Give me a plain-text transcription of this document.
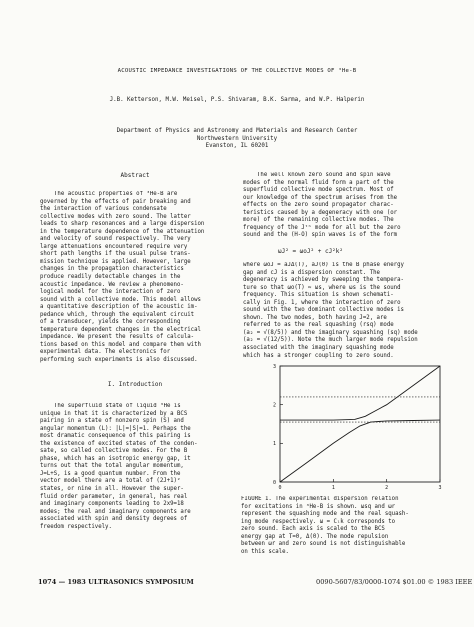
ACOUSTIC IMPEDANCE INVESTIGATIONS OF THE COLLECTIVE MODES OF ³He-B
J.B. Ketterson, M.W. Meisel, P.S. Shivaram, B.K. Sarma, and W.P. Halperin
Department of Physics and Astronomy and Materials and Research Center
Northwestern University
Evanston, IL 60201
Abstract
The acoustic properties of ³He-B are
governed by the effects of pair breaking and
the interaction of various condensate
collective modes with zero sound. The latter
leads to sharp resonances and a large dispersion
in the temperature dependence of the attenuation
and velocity of sound respectively. The very
large attenuations encountered require very
short path lengths if the usual pulse trans-
mission technique is applied. However, large
changes in the propagation characteristics
produce readily detectable changes in the
acoustic impedance. We review a phenomeno-
logical model for the interaction of zero
sound with a collective mode. This model allows
a quantitative description of the acoustic im-
pedance which, through the equivalent circuit
of a transducer, yields the corresponding
temperature dependent changes in the electrical
impedance. We present the results of calcula-
tions based on this model and compare them with
experimental data. The electronics for
performing such experiments is also discussed.
I. Introduction
The superfluid state of liquid ³He is
unique in that it is characterized by a BCS
pairing in a state of nonzero spin (S) and
angular momentum (L): |L|=|S|=1. Perhaps the
most dramatic consequence of this pairing is
the existence of excited states of the conden-
sate, so called collective modes. For the B
phase, which has an isotropic energy gap, it
turns out that the total angular momentum,
J=L+S, is a good quantum number. From the
vector model there are a total of (2J+1)²
states, or nine in all. However the super-
fluid order parameter, in general, has real
and imaginary components leading to 2x9=18
modes; the real and imaginary components are
associated with spin and density degrees of
freedom respectively.
The well known zero sound and spin wave
modes of the normal fluid form a part of the
superfluid collective mode spectrum. Most of
our knowledge of the spectrum arises from the
effects on the zero sound propagator charac-
teristics caused by a degeneracy with one (or
more) of the remaining collective modes. The
frequency of the Jᵗʰ mode for all but the zero
sound and the (H-O) spin waves is of the form
ωJ² = ωoJ² + cJ²k²
where ωoJ = aJΔ(T), aJ(0) is the B phase energy
gap and cJ is a dispersion constant. The
degeneracy is achieved by sweeping the tempera-
ture so that ωo(T) ≈ ωs, where ωs is the sound
frequency. This situation is shown schemati-
cally in Fig. 1, where the interaction of zero
sound with the two dominant collective modes is
shown. The two modes, both having J=2, are
referred to as the real squashing (rsq) mode
(a₂ = √(8/5)) and the imaginary squashing (sq) mode
(a₂ = √(12/5)). Note the much larger mode repulsion
associated with the imaginary squashing mode
which has a stronger coupling to zero sound.
0	1	2	3
0
1
2
3
FIGURE 1. The experimental dispersion relation
for excitations in ³He-B is shown. ωsq and ωr
represent the squashing mode and the real squash-
ing mode respectively. ω = Cₗk corresponds to
zero sound. Each axis is scaled to the BCS
energy gap at T=0, Δ(0). The mode repulsion
between ωr and zero sound is not distinguishable
on this scale.
1074 — 1983 ULTRASONICS SYMPOSIUM	0090-5607/83/0000-1074 $01.00 © 1983 IEEE
